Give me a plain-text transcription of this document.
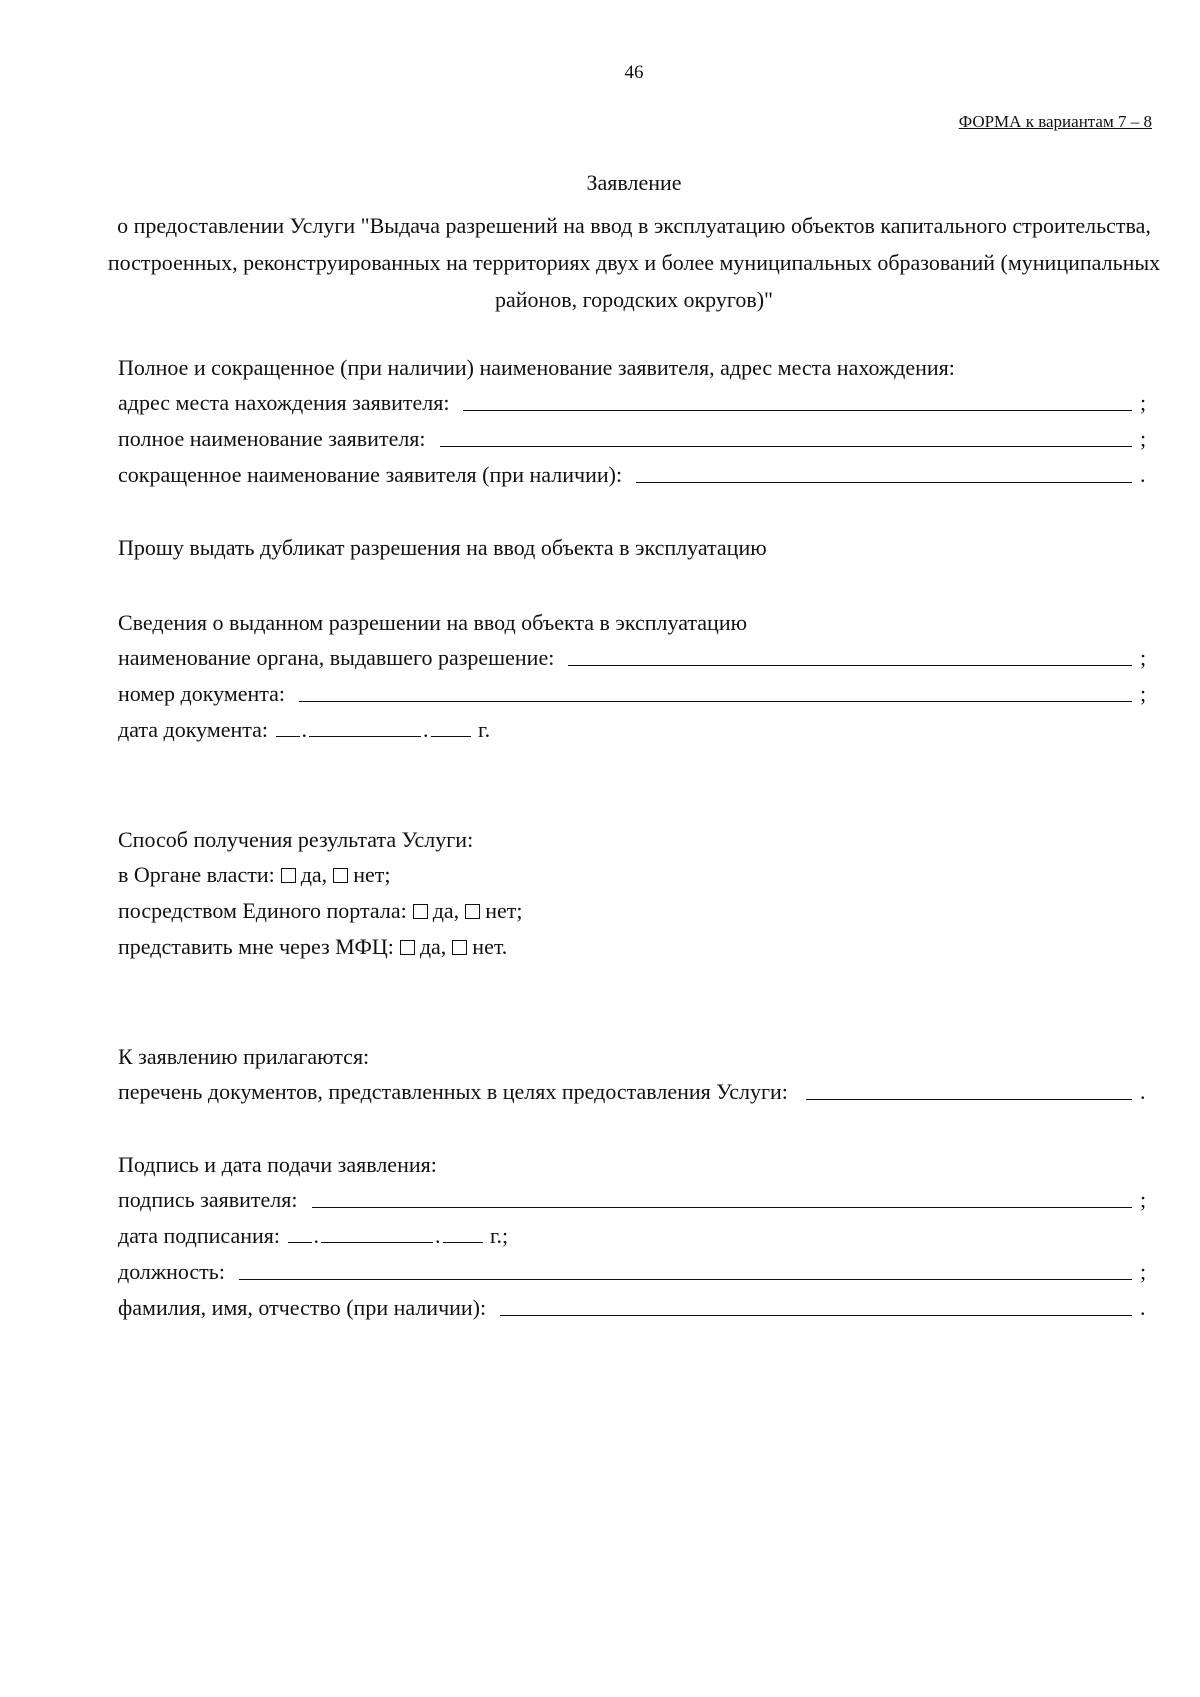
46
ФОРМА к вариантам 7 – 8
Заявление
о предоставлении Услуги "Выдача разрешений на ввод в эксплуатацию объектов капитального строительства, построенных, реконструированных на территориях двух и более муниципальных образований (муниципальных районов, городских округов)"
Полное и сокращенное (при наличии) наименование заявителя, адрес места нахождения:
адрес места нахождения заявителя:	;
полное наименование заявителя:	;
сокращенное наименование заявителя (при наличии):	.
Прошу выдать дубликат разрешения на ввод объекта в эксплуатацию
Сведения о выданном разрешении на ввод объекта в эксплуатацию
наименование органа, выдавшего разрешение:	;
номер документа:	;
дата документа: .	. г.
Способ получения результата Услуги:
в Органе власти: да, нет;
посредством Единого портала: да, нет;
представить мне через МФЦ: да, нет.
К заявлению прилагаются:
перечень документов, представленных в целях предоставления Услуги:	.
Подпись и дата подачи заявления:
подпись заявителя:	;
дата подписания: .	. г.;
должность:	;
фамилия, имя, отчество (при наличии):	.
